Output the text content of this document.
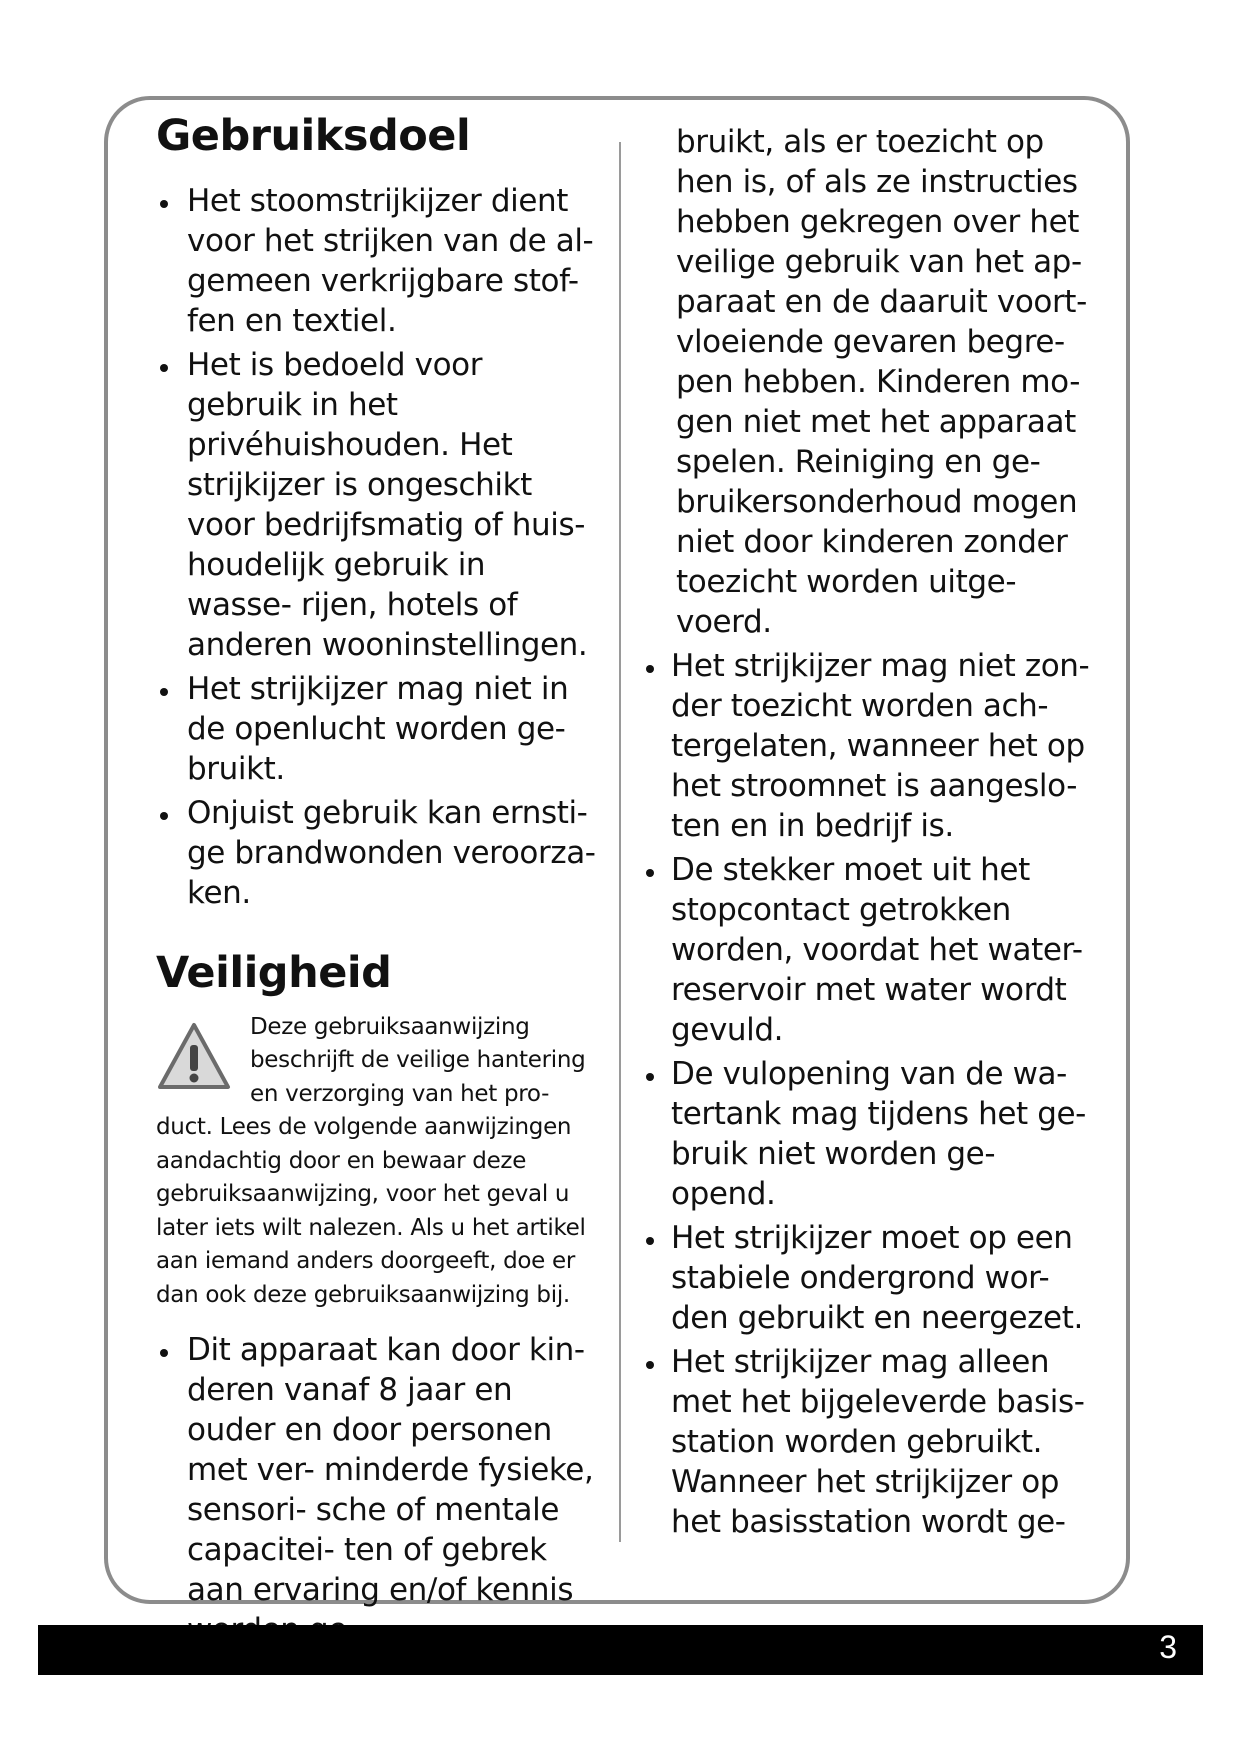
Gebruiksdoel
Het stoomstrijkijzer dient voor het strijken van de al- gemeen verkrijgbare stof- fen en textiel.
Het is bedoeld voor gebruik in het privéhuishouden. Het strijkijzer is ongeschikt voor bedrijfsmatig of huis- houdelijk gebruik in wasse- rijen, hotels of anderen wooninstellingen.
Het strijkijzer mag niet in de openlucht worden ge- bruikt.
Onjuist gebruik kan ernsti- ge brandwonden veroorza- ken.
Veiligheid
Deze gebruiksaanwijzing beschrijft de veilige hantering en verzorging van het pro- duct. Lees de volgende aanwijzingen aandachtig door en bewaar deze gebruiksaanwijzing, voor het geval u later iets wilt nalezen. Als u het artikel aan iemand anders doorgeeft, doe er dan ook deze gebruiksaanwijzing bij.
Dit apparaat kan door kin- deren vanaf 8 jaar en ouder en door personen met ver- minderde fysieke, sensori- sche of mentale capacitei- ten of gebrek aan ervaring en/of kennis
bruikt, als er toezicht op hen is, of als ze instructies hebben gekregen over het veilige gebruik van het ap- paraat en de daaruit voort- vloeiende gevaren begre- pen hebben. Kinderen mo- gen niet met het apparaat spelen. Reiniging en ge- bruikersonderhoud mogen niet door kinderen zonder toezicht worden uitge- voerd.
Het strijkijzer mag niet zon- der toezicht worden ach- tergelaten, wanneer het op het stroomnet is aangeslo- ten en in bedrijf is.
De stekker moet uit het stopcontact getrokken worden, voordat het water- reservoir met water wordt gevuld.
De vulopening van de wa- tertank mag tijdens het ge- bruik niet worden ge- opend.
Het strijkijzer moet op een stabiele ondergrond wor- den gebruikt en neergezet.
Het strijkijzer mag alleen met het bijgeleverde basis- station worden gebruikt. Wanneer het strijkijzer op het basisstation wordt ge-
3
